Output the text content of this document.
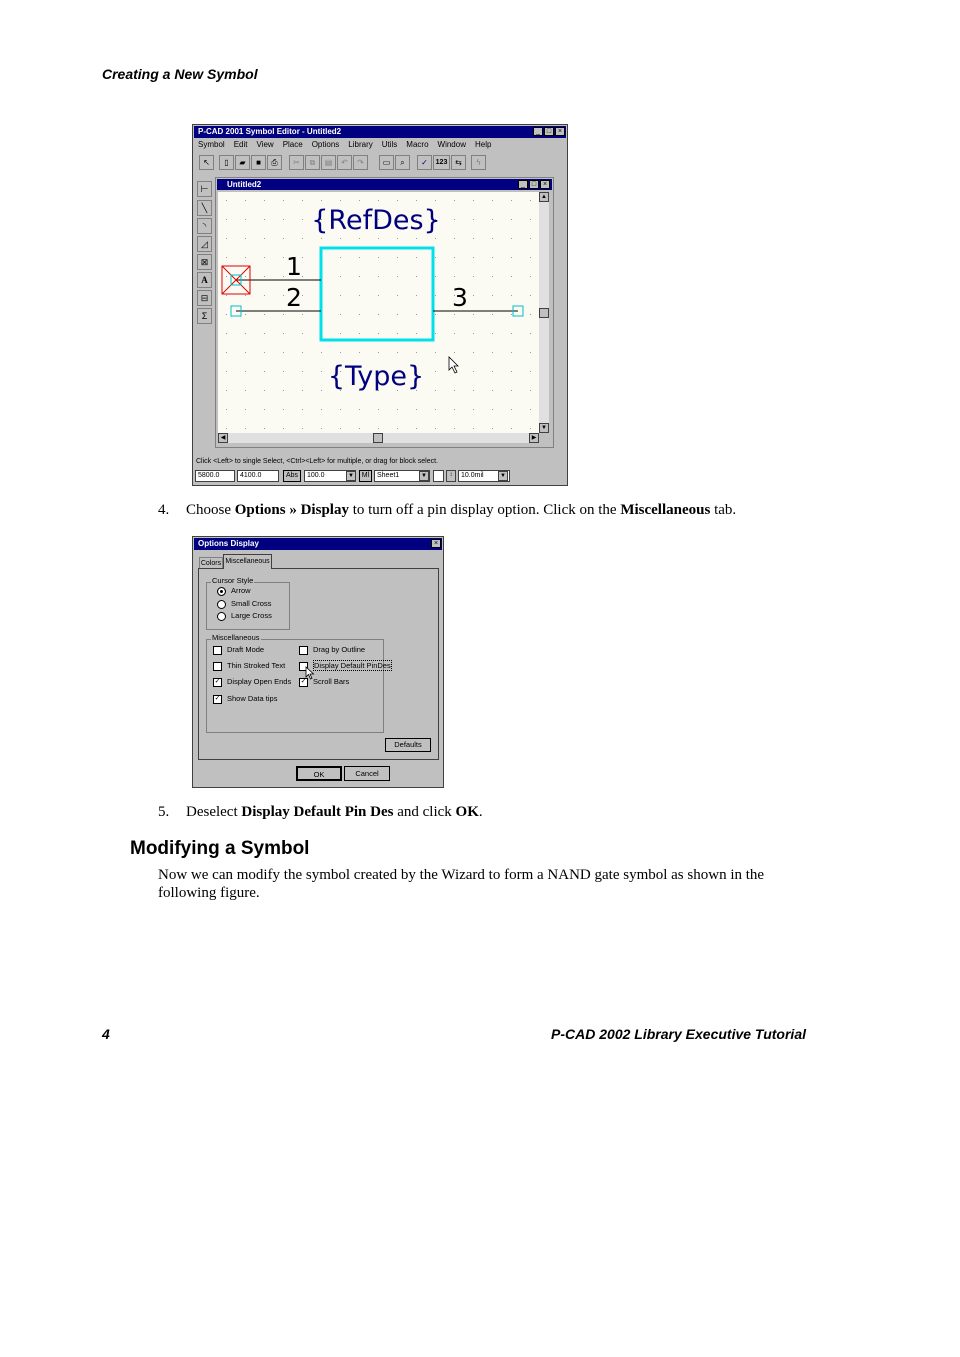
Creating a New Symbol
P-CAD 2001 Symbol Editor - Untitled2	_ □ ×
Symbol Edit View Place Options Library Utils Macro Window Help
↖	▯	▰	■	⎙	✂	⧉	▤	↶	↷	▭	⌕	✓	123 ⇆	ϟ
⊢
╲
◝
◿
⊠
A
⊟
Σ
Untitled2	_ □ ×
{RefDes}
1
2	3
{Type}
▲
▼
◀	▶
Click <Left> to single Select, <Ctrl><Left> for multiple, or drag for block select.
5800.0	4100.0	Abs	100.0	▼	Ml	Sheet1	▼	↕	10.0mil	▼
4. Choose Options » Display to turn off a pin display option. Click on the Miscellaneous tab.
Options Display	×
Colors Miscellaneous
Cursor Style
Arrow
Small Cross
Large Cross
Miscellaneous
Draft Mode
Thin Stroked Text
✓ Display Open Ends
✓ Show Data tips
Drag by Outline
Display Default PinDes
✓ Scroll Bars
Defaults
OK	Cancel
5. Deselect Display Default Pin Des and click OK.
Modifying a Symbol
Now we can modify the symbol created by the Wizard to form a NAND gate symbol as shown in the following figure.
4	P-CAD 2002 Library Executive Tutorial
